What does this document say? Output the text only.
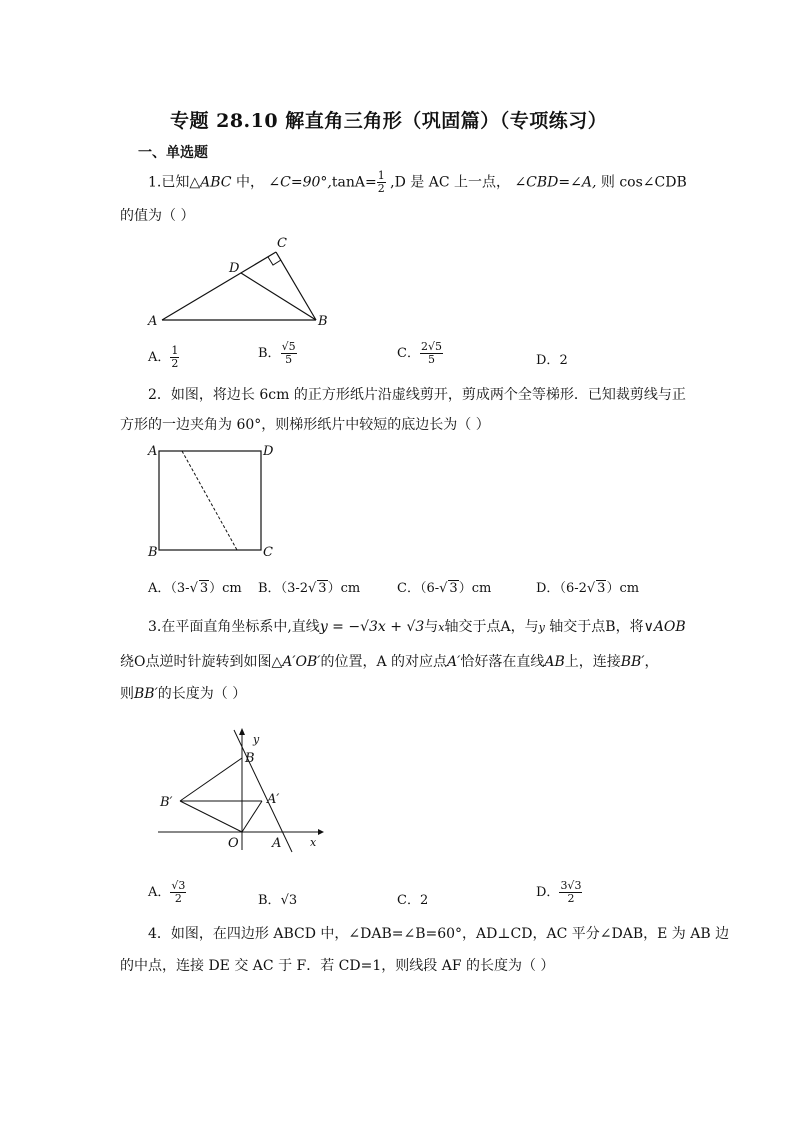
专题 28.10 解直角三角形（巩固篇）（专项练习）
一、单选题
1.已知△ABC 中， ∠C=90°,tanA= $\frac{1}{2} ,D$ 是 AC 上一点， ∠CBD=∠A, 则 cos∠CDB
的值为（ ）
A	B
C
D
A． $\frac{1}{2}$	B． $\frac{√5}{5}$	C． $\frac{2√5}{5}$	D．2
2．如图，将边长 6cm 的正方形纸片沿虚线剪开，剪成两个全等梯形．已知裁剪线与正
方形的一边夹角为 60°，则梯形纸片中较短的底边长为（ ）
A	D
B	C
A．（3-√ 3）cm B．（3-2√ 3）cm	C．（6-√ 3）cm	D．（6-2√ 3）cm
3.在平面直角坐标系中,直线y = −√3x + √3与x轴交于点A，与y 轴交于点B，将∨AOB
绕O点逆时针旋转到如图△A′OB′的位置，A 的对应点A′恰好落在直线AB上，连接BB′，
则BB′的长度为（ ）
y
x
B
B′	A′
O	A
A． $\frac{√3}{2}$	B．√3	C．2
D． $\frac{3√3}{2}$
4．如图，在四边形 ABCD 中，∠DAB=∠B=60°，AD⊥CD，AC 平分∠DAB，E 为 AB 边
的中点，连接 DE 交 AC 于 F．若 CD=1，则线段 AF 的长度为（ ）
